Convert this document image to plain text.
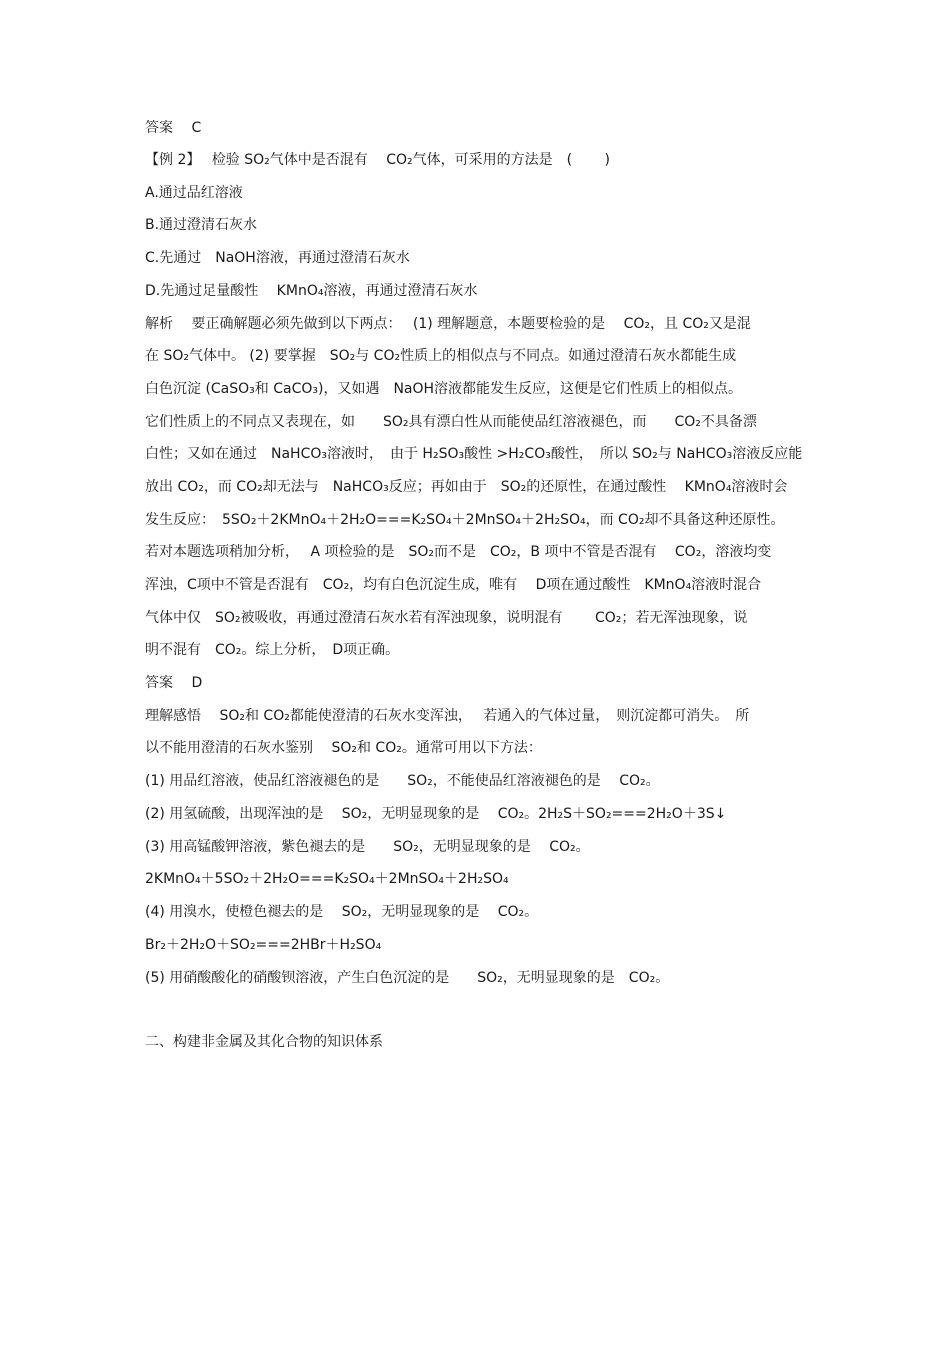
答案　 C
【例 2】　 检验 SO₂气体中是否混有　 CO₂气体，可采用的方法是　(　　 )
A.通过品红溶液
B.通过澄清石灰水
C.先通过　NaOH溶液，再通过澄清石灰水
D.先通过足量酸性　 KMnO₄溶液，再通过澄清石灰水
解析　 要正确解题必须先做到以下两点：　 (1) 理解题意，本题要检验的是　 CO₂，且 CO₂又是混
在 SO₂气体中。 (2) 要掌握　SO₂与 CO₂性质上的相似点与不同点。如通过澄清石灰水都能生成
白色沉淀 (CaSO₃和 CaCO₃)，又如遇　NaOH溶液都能发生反应，这便是它们性质上的相似点。
它们性质上的不同点又表现在，如　　SO₂具有漂白性从而能使品红溶液褪色，而　　CO₂不具备漂
白性；又如在通过　NaHCO₃溶液时，　由于 H₂SO₃酸性 >H₂CO₃酸性，　所以 SO₂与 NaHCO₃溶液反应能
放出 CO₂，而 CO₂却无法与　NaHCO₃反应；再如由于　SO₂的还原性，在通过酸性　 KMnO₄溶液时会
发生反应：　5SO₂＋2KMnO₄＋2H₂O===K₂SO₄＋2MnSO₄＋2H₂SO₄，而 CO₂却不具备这种还原性。
若对本题选项稍加分析，　 A 项检验的是　SO₂而不是　CO₂，B 项中不管是否混有　 CO₂，溶液均变
浑浊，C项中不管是否混有　CO₂，均有白色沉淀生成，唯有　 D项在通过酸性　KMnO₄溶液时混合
气体中仅　SO₂被吸收，再通过澄清石灰水若有浑浊现象，说明混有　　 CO₂；若无浑浊现象，说
明不混有　CO₂。综上分析，　D项正确。
答案　 D
理解感悟　 SO₂和 CO₂都能使澄清的石灰水变浑浊，　 若通入的气体过量，　则沉淀都可消失。　所
以不能用澄清的石灰水鉴别　 SO₂和 CO₂。通常可用以下方法：
(1) 用品红溶液，使品红溶液褪色的是　　SO₂，不能使品红溶液褪色的是　 CO₂。
(2) 用氢硫酸，出现浑浊的是　 SO₂，无明显现象的是　 CO₂。2H₂S＋SO₂===2H₂O＋3S↓
(3) 用高锰酸钾溶液，紫色褪去的是　　SO₂，无明显现象的是　 CO₂。
2KMnO₄＋5SO₂＋2H₂O===K₂SO₄＋2MnSO₄＋2H₂SO₄
(4) 用溴水，使橙色褪去的是　 SO₂，无明显现象的是　 CO₂。
Br₂＋2H₂O＋SO₂===2HBr＋H₂SO₄
(5) 用硝酸酸化的硝酸钡溶液，产生白色沉淀的是　　SO₂，无明显现象的是　CO₂。
二、构建非金属及其化合物的知识体系
